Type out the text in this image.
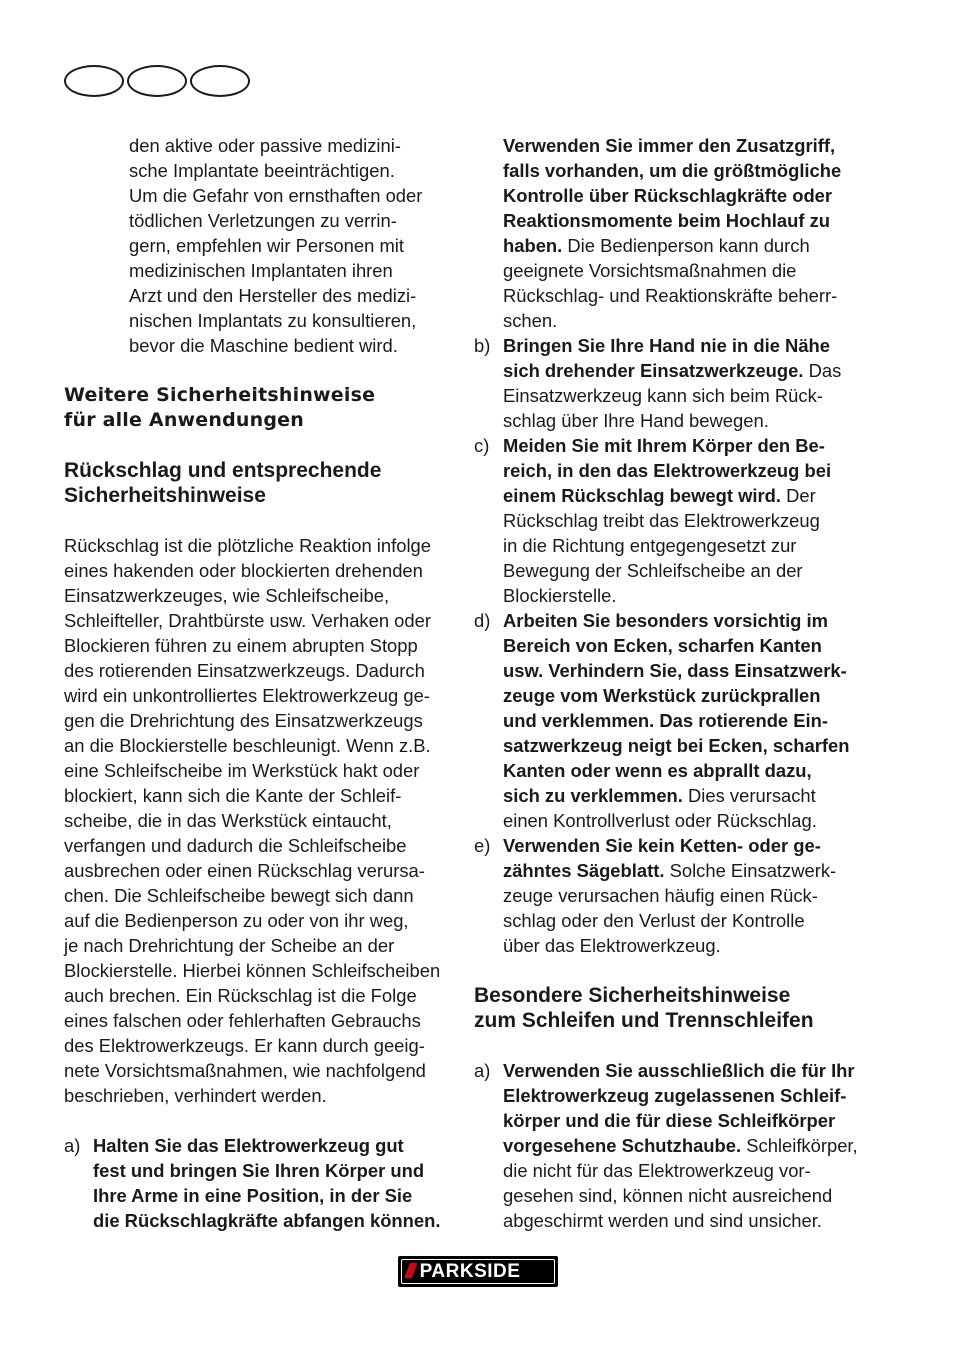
den aktive oder passive medizini-

sche Implantate beeinträchtigen.

Um die Gefahr von ernsthaften oder

tödlichen Verletzungen zu verrin-

gern, empfehlen wir Personen mit

medizinischen Implantaten ihren

Arzt und den Hersteller des medizi-

nischen Implantats zu konsultieren,

bevor die Maschine bedient wird.

Weitere Sicherheitshinweise

für alle Anwendungen

Rückschlag und entsprechende

Sicherheitshinweise

Rückschlag ist die plötzliche Reaktion infolge

eines hakenden oder blockierten drehenden

Einsatzwerkzeuges, wie Schleifscheibe,

Schleifteller, Drahtbürste usw. Verhaken oder

Blockieren führen zu einem abrupten Stopp

des rotierenden Einsatzwerkzeugs. Dadurch

wird ein unkontrolliertes Elektrowerkzeug ge-

gen die Drehrichtung des Einsatzwerkzeugs

an die Blockierstelle beschleunigt. Wenn z.B.

eine Schleifscheibe im Werkstück hakt oder

blockiert, kann sich die Kante der Schleif-

scheibe, die in das Werkstück eintaucht,

verfangen und dadurch die Schleifscheibe

ausbrechen oder einen Rückschlag verursa-

chen. Die Schleifscheibe bewegt sich dann

auf die Bedienperson zu oder von ihr weg,

je nach Drehrichtung der Scheibe an der

Blockierstelle. Hierbei können Schleifscheiben

auch brechen. Ein Rückschlag ist die Folge

eines falschen oder fehlerhaften Gebrauchs

des Elektrowerkzeugs. Er kann durch geeig-

nete Vorsichtsmaßnahmen, wie nachfolgend

beschrieben, verhindert werden.

a) Halten Sie das Elektrowerkzeug gut
fest und bringen Sie Ihren Körper und
Ihre Arme in eine Position, in der Sie
die Rückschlagkräfte abfangen können.
Verwenden Sie immer den Zusatzgriff,
falls vorhanden, um die größtmögliche
Kontrolle über Rückschlagkräfte oder
Reaktionsmomente beim Hochlauf zu
haben. Die Bedienperson kann durch
geeignete Vorsichtsmaßnahmen die
Rückschlag- und Reaktionskräfte beherr-
schen.
b) Bringen Sie Ihre Hand nie in die Nähe
sich drehender Einsatzwerkzeuge. Das
Einsatzwerkzeug kann sich beim Rück-
schlag über Ihre Hand bewegen.
c) Meiden Sie mit Ihrem Körper den Be-
reich, in den das Elektrowerkzeug bei
einem Rückschlag bewegt wird. Der
Rückschlag treibt das Elektrowerkzeug
in die Richtung entgegengesetzt zur
Bewegung der Schleifscheibe an der
Blockierstelle.
d) Arbeiten Sie besonders vorsichtig im
Bereich von Ecken, scharfen Kanten
usw. Verhindern Sie, dass Einsatzwerk-
zeuge vom Werkstück zurückprallen
und verklemmen. Das rotierende Ein-
satzwerkzeug neigt bei Ecken, scharfen
Kanten oder wenn es abprallt dazu,
sich zu verklemmen. Dies verursacht
einen Kontrollverlust oder Rückschlag.
e) Verwenden Sie kein Ketten- oder ge-
zähntes Sägeblatt. Solche Einsatzwerk-
zeuge verursachen häufig einen Rück-
schlag oder den Verlust der Kontrolle
über das Elektrowerkzeug.

Besondere Sicherheitshinweise

zum Schleifen und Trennschleifen

a) Verwenden Sie ausschließlich die für Ihr
Elektrowerkzeug zugelassenen Schleif-
körper und die für diese Schleifkörper
vorgesehene Schutzhaube. Schleifkörper,
die nicht für das Elektrowerkzeug vor-
gesehen sind, können nicht ausreichend
abgeschirmt werden und sind unsicher.
/// PARKSIDE
